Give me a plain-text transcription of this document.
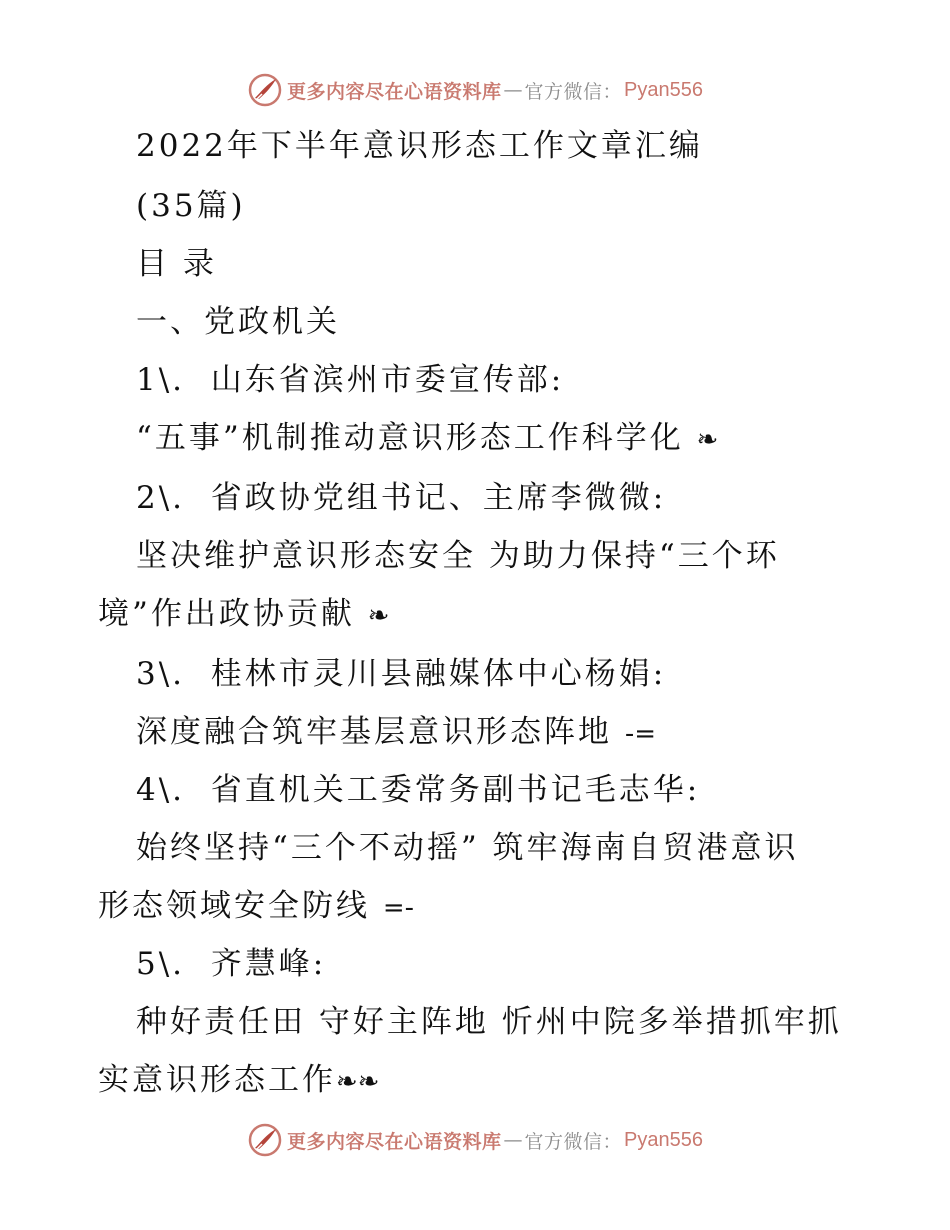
更多内容尽在心语资料库 — 官方微信： Pyan556
2022年下半年意识形态工作文章汇编
(35篇)
目 录
一、党政机关
1\. 山东省滨州市委宣传部:
“五事”机制推动意识形态工作科学化 ❧
2\. 省政协党组书记、主席李微微:
坚决维护意识形态安全 为助力保持“三个环
境”作出政协贡献 ❧
3\. 桂林市灵川县融媒体中心杨娟:
深度融合筑牢基层意识形态阵地 -=
4\. 省直机关工委常务副书记毛志华:
始终坚持“三个不动摇” 筑牢海南自贸港意识
形态领域安全防线 =-
5\. 齐慧峰:
种好责任田 守好主阵地 忻州中院多举措抓牢抓
实意识形态工作❧❧
更多内容尽在心语资料库 — 官方微信： Pyan556
